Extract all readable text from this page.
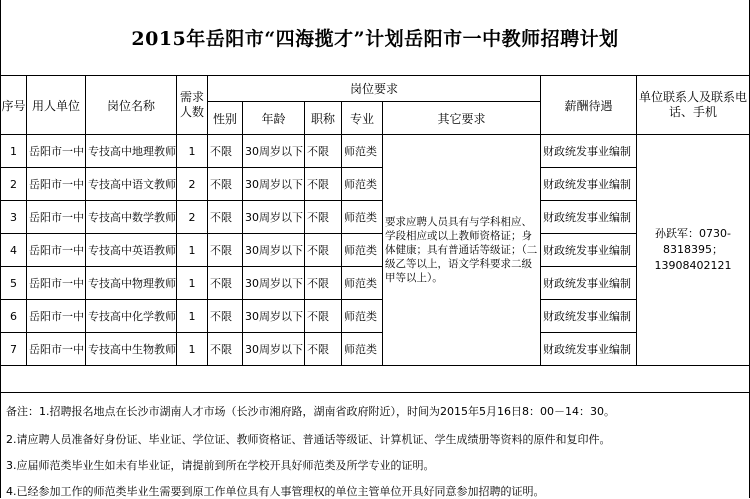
2015年岳阳市“四海揽才”计划岳阳市一中教师招聘计划
序号	用人单位	岗位名称	需求人数	岗位要求					薪酬待遇	单位联系人及联系电话、手机
				性别	年龄	职称	专业	其它要求		
1	岳阳市一中	专技高中地理教师	1	不限	30周岁以下	不限	师范类	要求应聘人员具有与学科相应、学段相应或以上教师资格证；身体健康；具有普通话等级证；（二级乙等以上，语文学科要求二级甲等以上）。	财政统发事业编制	孙跃军：0730-8318395；13908402121
2	岳阳市一中	专技高中语文教师	2	不限	30周岁以下	不限	师范类		财政统发事业编制	
3	岳阳市一中	专技高中数学教师	2	不限	30周岁以下	不限	师范类		财政统发事业编制	
4	岳阳市一中	专技高中英语教师	1	不限	30周岁以下	不限	师范类		财政统发事业编制	
5	岳阳市一中	专技高中物理教师	1	不限	30周岁以下	不限	师范类		财政统发事业编制	
6	岳阳市一中	专技高中化学教师	1	不限	30周岁以下	不限	师范类		财政统发事业编制	
7	岳阳市一中	专技高中生物教师	1	不限	30周岁以下	不限	师范类		财政统发事业编制	
备注：1.招聘报名地点在长沙市湖南人才市场（长沙市湘府路，湖南省政府附近），时间为2015年5月16日8：00－14：30。
2.请应聘人员准备好身份证、毕业证、学位证、教师资格证、普通话等级证、计算机证、学生成绩册等资料的原件和复印件。
3.应届师范类毕业生如未有毕业证，请提前到所在学校开具好师范类及所学专业的证明。
4.已经参加工作的师范类毕业生需要到原工作单位具有人事管理权的单位主管单位开具好同意参加招聘的证明。
